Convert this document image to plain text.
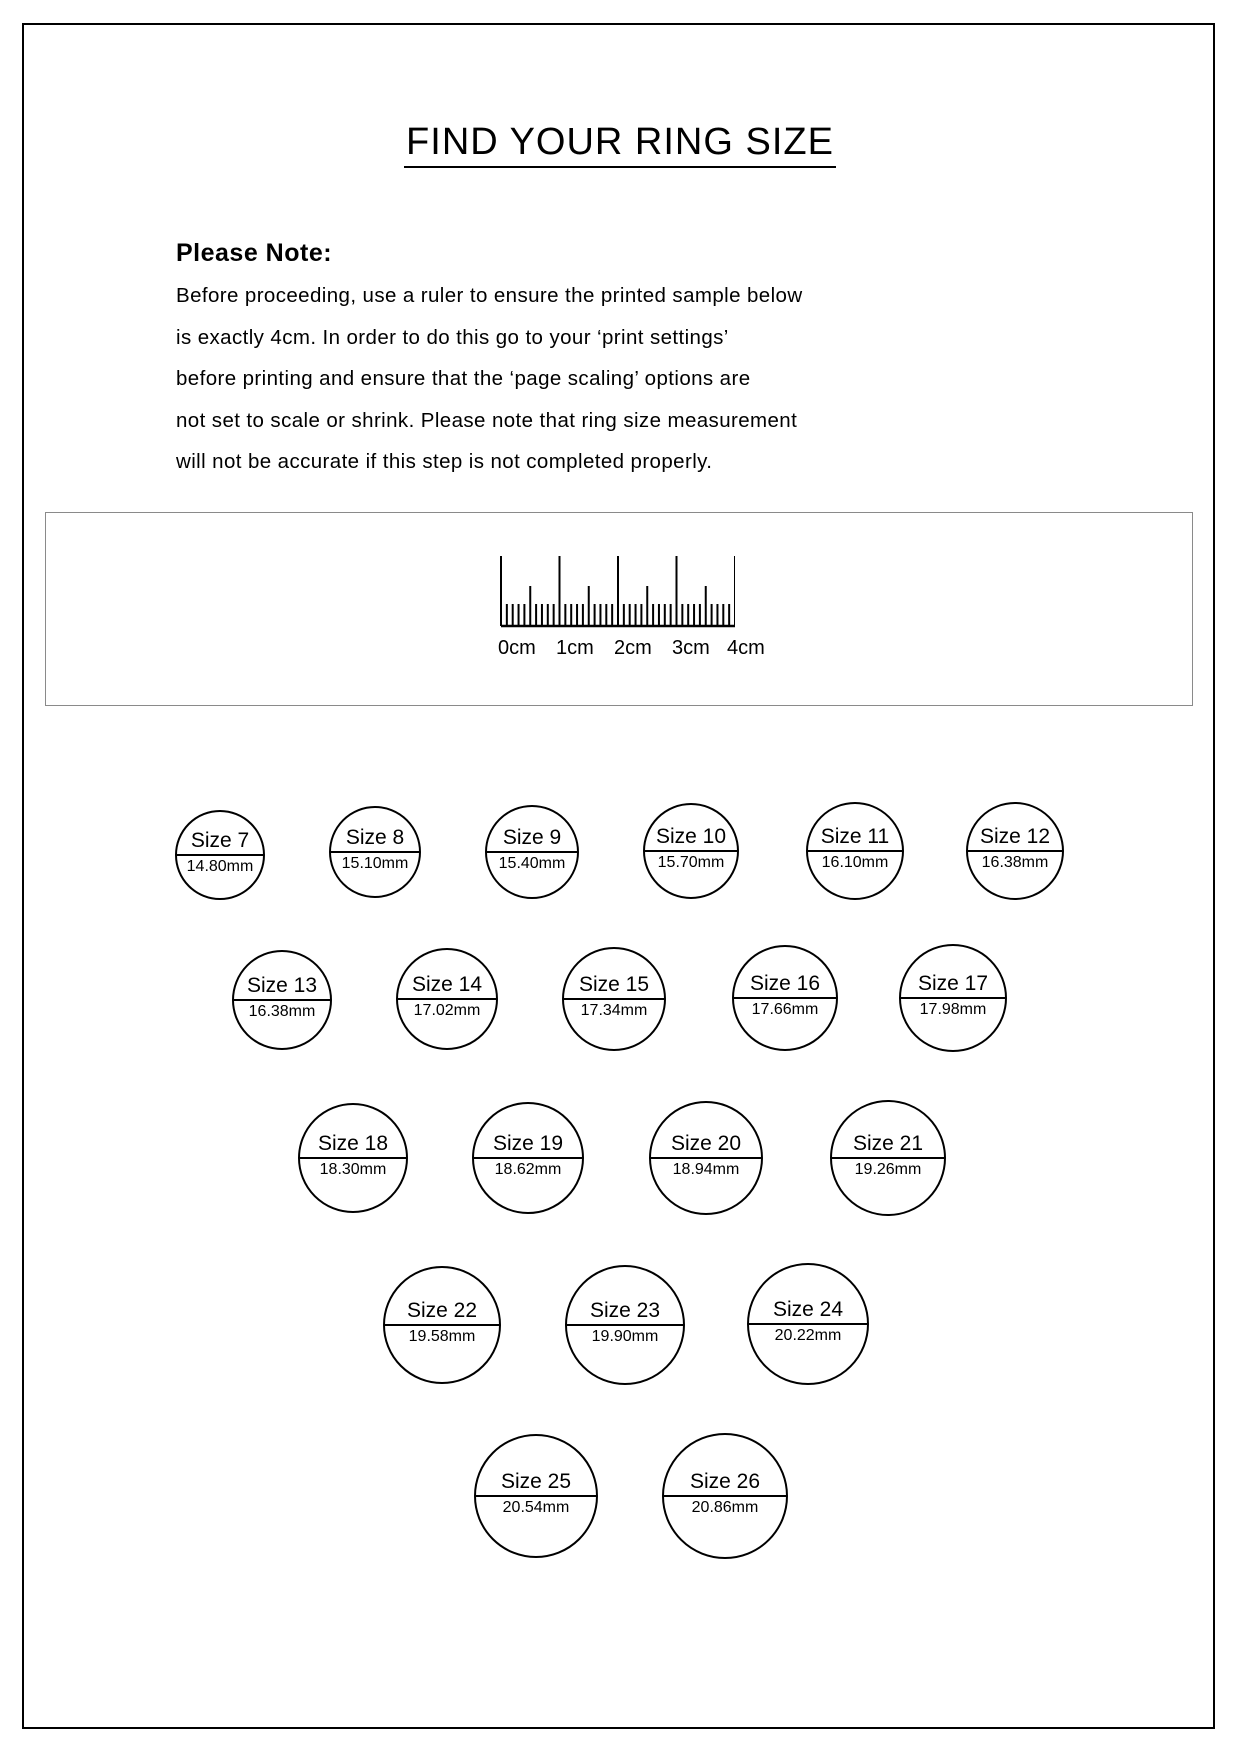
FIND YOUR RING SIZE
Please Note:
Before proceeding, use a ruler to ensure the printed sample below
is exactly 4cm. In order to do this go to your ‘print settings’
before printing and ensure that the ‘page scaling’ options are
not set to scale or shrink. Please note that ring size measurement
will not be accurate if this step is not completed properly.
0cm 1cm 2cm 3cm 4cm
Size 7
14.80mm
Size 8
15.10mm
Size 9
15.40mm
Size 10
15.70mm
Size 11
16.10mm
Size 12
16.38mm
Size 13
16.38mm
Size 14
17.02mm
Size 15
17.34mm
Size 16
17.66mm
Size 17
17.98mm
Size 18
18.30mm
Size 19
18.62mm
Size 20
18.94mm
Size 21
19.26mm
Size 22
19.58mm
Size 23
19.90mm
Size 24
20.22mm
Size 25
20.54mm
Size 26
20.86mm
